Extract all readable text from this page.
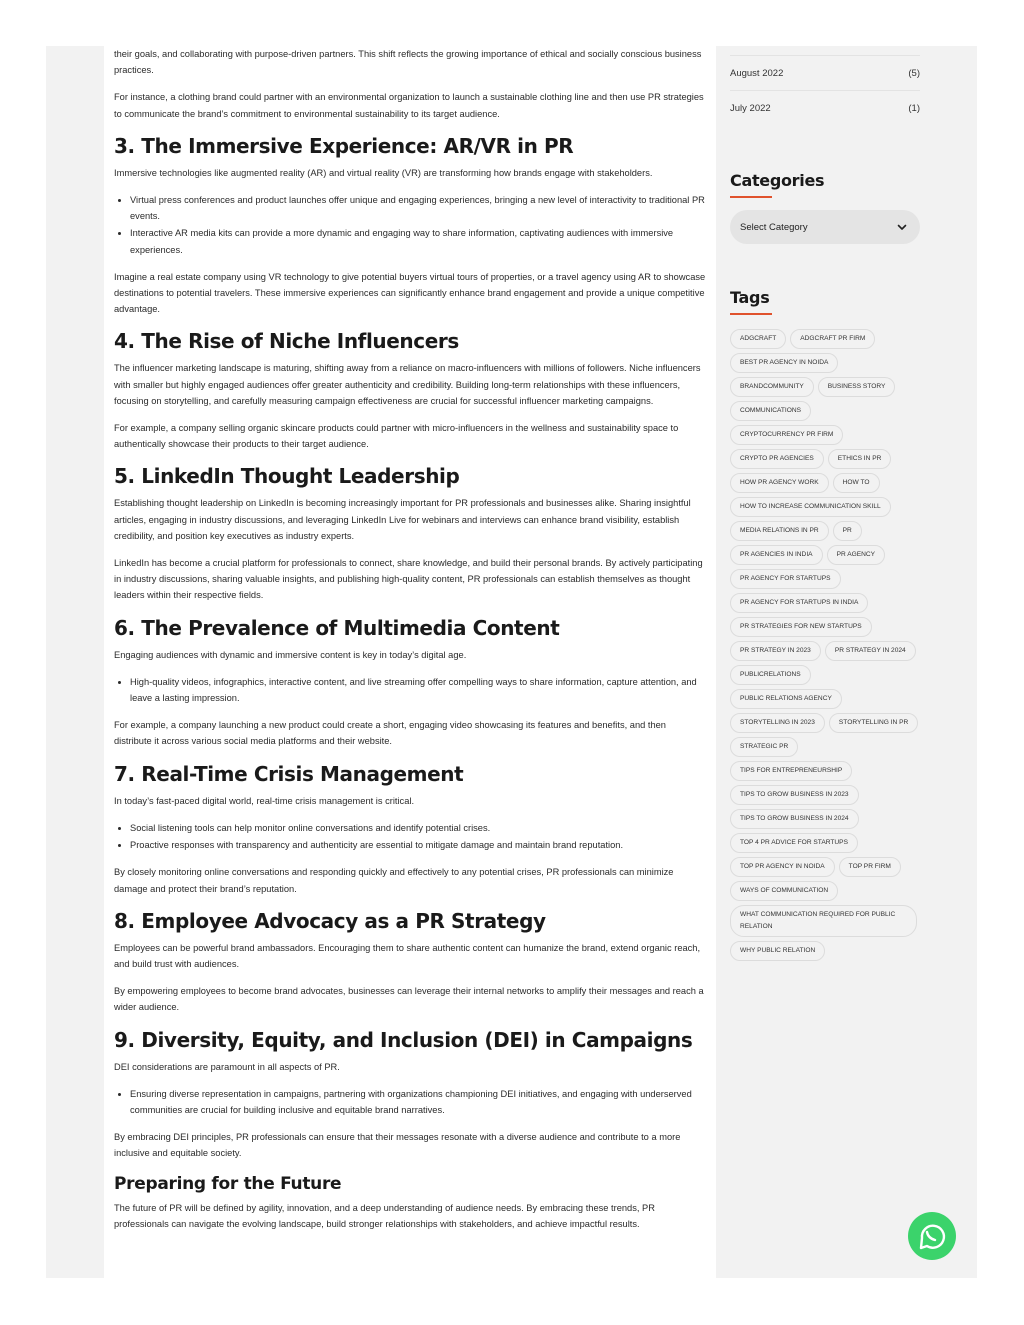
their goals, and collaborating with purpose-driven partners. This shift reflects the growing importance of ethical and socially conscious business practices.

For instance, a clothing brand could partner with an environmental organization to launch a sustainable clothing line and then use PR strategies to communicate the brand’s commitment to environmental sustainability to its target audience.

3. The Immersive Experience: AR/VR in PR

Immersive technologies like augmented reality (AR) and virtual reality (VR) are transforming how brands engage with stakeholders.

• Virtual press conferences and product launches offer unique and engaging experiences, bringing a new level of interactivity to traditional PR events.
• Interactive AR media kits can provide a more dynamic and engaging way to share information, captivating audiences with immersive experiences.

Imagine a real estate company using VR technology to give potential buyers virtual tours of properties, or a travel agency using AR to showcase destinations to potential travelers. These immersive experiences can significantly enhance brand engagement and provide a unique competitive advantage.

4. The Rise of Niche Influencers

The influencer marketing landscape is maturing, shifting away from a reliance on macro-influencers with millions of followers. Niche influencers with smaller but highly engaged audiences offer greater authenticity and credibility. Building long-term relationships with these influencers, focusing on storytelling, and carefully measuring campaign effectiveness are crucial for successful influencer marketing campaigns.

For example, a company selling organic skincare products could partner with micro-influencers in the wellness and sustainability space to authentically showcase their products to their target audience.

5. LinkedIn Thought Leadership

Establishing thought leadership on LinkedIn is becoming increasingly important for PR professionals and businesses alike. Sharing insightful articles, engaging in industry discussions, and leveraging LinkedIn Live for webinars and interviews can enhance brand visibility, establish credibility, and position key executives as industry experts.

LinkedIn has become a crucial platform for professionals to connect, share knowledge, and build their personal brands. By actively participating in industry discussions, sharing valuable insights, and publishing high-quality content, PR professionals can establish themselves as thought leaders within their respective fields.

6. The Prevalence of Multimedia Content

Engaging audiences with dynamic and immersive content is key in today’s digital age.

• High-quality videos, infographics, interactive content, and live streaming offer compelling ways to share information, capture attention, and leave a lasting impression.

For example, a company launching a new product could create a short, engaging video showcasing its features and benefits, and then distribute it across various social media platforms and their website.

7. Real-Time Crisis Management

In today’s fast-paced digital world, real-time crisis management is critical.

• Social listening tools can help monitor online conversations and identify potential crises.
• Proactive responses with transparency and authenticity are essential to mitigate damage and maintain brand reputation.

By closely monitoring online conversations and responding quickly and effectively to any potential crises, PR professionals can minimize damage and protect their brand’s reputation.

8. Employee Advocacy as a PR Strategy

Employees can be powerful brand ambassadors. Encouraging them to share authentic content can humanize the brand, extend organic reach, and build trust with audiences.

By empowering employees to become brand advocates, businesses can leverage their internal networks to amplify their messages and reach a wider audience.

9. Diversity, Equity, and Inclusion (DEI) in Campaigns

DEI considerations are paramount in all aspects of PR.

• Ensuring diverse representation in campaigns, partnering with organizations championing DEI initiatives, and engaging with underserved communities are crucial for building inclusive and equitable brand narratives.

By embracing DEI principles, PR professionals can ensure that their messages resonate with a diverse audience and contribute to a more inclusive and equitable society.

Preparing for the Future

The future of PR will be defined by agility, innovation, and a deep understanding of audience needs. By embracing these trends, PR professionals can navigate the evolving landscape, build stronger relationships with stakeholders, and achieve impactful results.

August 2022	(5)
July 2022	(1)
Categories
Select Category
Tags
ADGCRAFT	ADGCRAFT PR FIRM
BEST PR AGENCY IN NOIDA
BRANDCOMMUNITY	BUSINESS STORY
COMMUNICATIONS
CRYPTOCURRENCY PR FIRM
CRYPTO PR AGENCIES	ETHICS IN PR
HOW PR AGENCY WORK	HOW TO
HOW TO INCREASE COMMUNICATION SKILL
MEDIA RELATIONS IN PR	PR
PR AGENCIES IN INDIA	PR AGENCY
PR AGENCY FOR STARTUPS
PR AGENCY FOR STARTUPS IN INDIA
PR STRATEGIES FOR NEW STARTUPS
PR STRATEGY IN 2023	PR STRATEGY IN 2024
PUBLICRELATIONS
PUBLIC RELATIONS AGENCY
STORYTELLING IN 2023	STORYTELLING IN PR
STRATEGIC PR
TIPS FOR ENTREPRENEURSHIP
TIPS TO GROW BUSINESS IN 2023
TIPS TO GROW BUSINESS IN 2024
TOP 4 PR ADVICE FOR STARTUPS
TOP PR AGENCY IN NOIDA	TOP PR FIRM
WAYS OF COMMUNICATION
WHAT COMMUNICATION REQUIRED FOR PUBLIC RELATION
WHY PUBLIC RELATION
